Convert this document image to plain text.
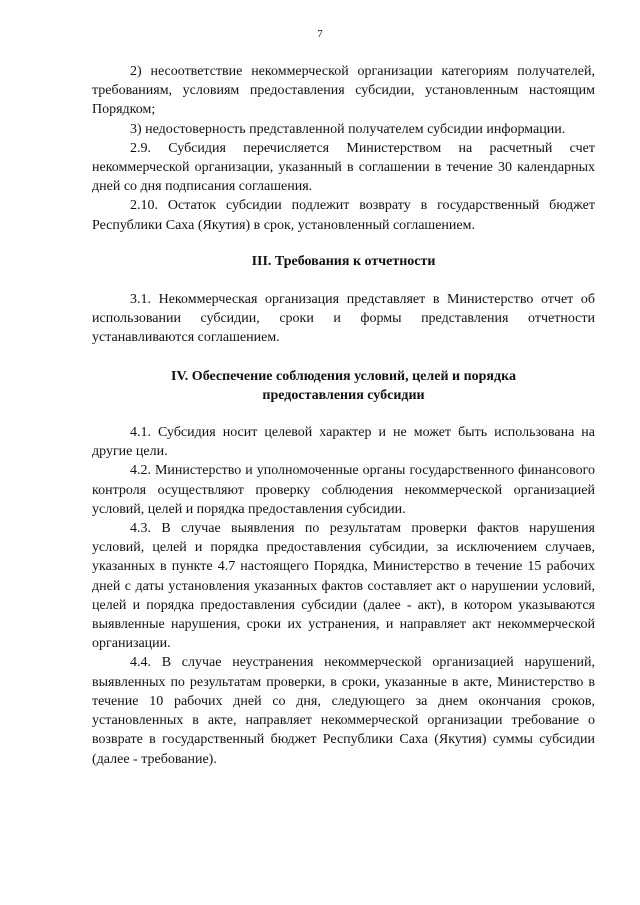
7

2) несоответствие некоммерческой организации категориям получателей, требованиям, условиям предоставления субсидии, установленным настоящим Порядком;

3) недостоверность представленной получателем субсидии информации.

2.9. Субсидия перечисляется Министерством на расчетный счет некоммерческой организации, указанный в соглашении в течение 30 календарных дней со дня подписания соглашения.

2.10. Остаток субсидии подлежит возврату в государственный бюджет Республики Саха (Якутия) в срок, установленный соглашением.

III. Требования к отчетности

3.1. Некоммерческая организация представляет в Министерство отчет об использовании субсидии, сроки и формы представления отчетности устанавливаются соглашением.

IV. Обеспечение соблюдения условий, целей и порядка

предоставления субсидии

4.1. Субсидия носит целевой характер и не может быть использована на другие цели.

4.2. Министерство и уполномоченные органы государственного финансового контроля осуществляют проверку соблюдения некоммерческой организацией условий, целей и порядка предоставления субсидии.

4.3. В случае выявления по результатам проверки фактов нарушения условий, целей и порядка предоставления субсидии, за исключением случаев, указанных в пункте 4.7 настоящего Порядка, Министерство в течение 15 рабочих дней с даты установления указанных фактов составляет акт о нарушении условий, целей и порядка предоставления субсидии (далее - акт), в котором указываются выявленные нарушения, сроки их устранения, и направляет акт некоммерческой организации.

4.4. В случае неустранения некоммерческой организацией нарушений, выявленных по результатам проверки, в сроки, указанные в акте, Министерство в течение 10 рабочих дней со дня, следующего за днем окончания сроков, установленных в акте, направляет некоммерческой организации требование о возврате в государственный бюджет Республики Саха (Якутия) суммы субсидии (далее - требование).
